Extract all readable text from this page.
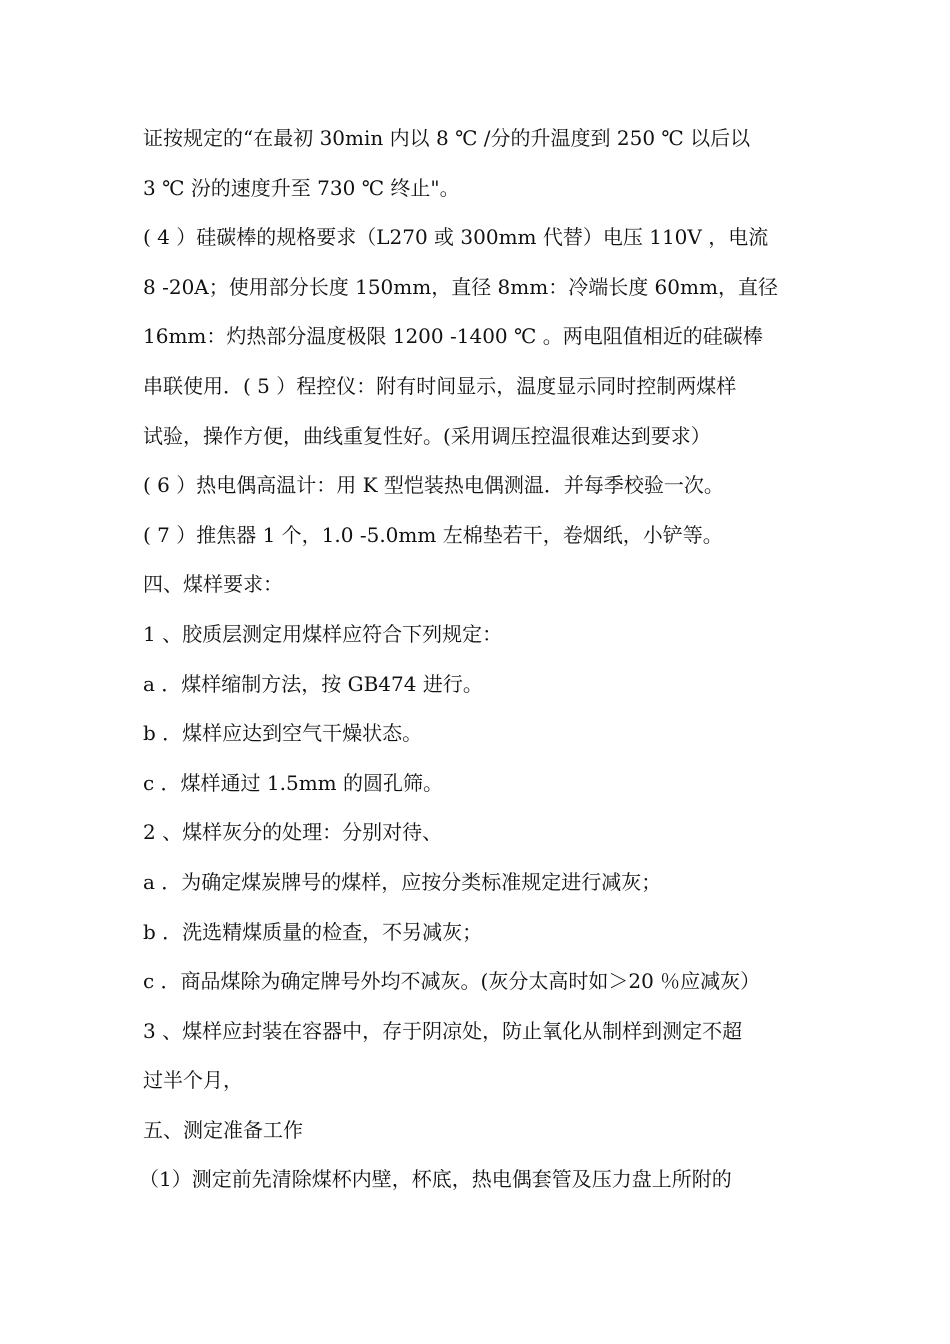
证按规定的“在最初 30min 内以 8 ℃ /分的升温度到 250 ℃ 以后以
3 ℃ 汾的速度升至 730 ℃ 终止"。
( 4 ）硅碳棒的规格要求（L270 或 300mm 代替）电压 110V ，电流
8 -20A；使用部分长度 150mm，直径 8mm：冷端长度 60mm，直径
16mm：灼热部分温度极限 1200 -1400 ℃ 。两电阻值相近的硅碳棒
串联使用．( 5 ）程控仪：附有时间显示，温度显示同时控制两煤样
试验，操作方便，曲线重复性好。(采用调压控温很难达到要求）
( 6 ）热电偶高温计：用 K 型恺装热电偶测温．并每季校验一次。
( 7 ）推焦器 1 个，1.0 -5.0mm 左棉垫若干，卷烟纸，小铲等。
四、煤样要求：
1 、胶质层测定用煤样应符合下列规定：
a ．煤样缩制方法，按 GB474 进行。
b ．煤样应达到空气干燥状态。
c ．煤样通过 1.5mm 的圆孔筛。
2 、煤样灰分的处理：分别对待、
a ．为确定煤炭牌号的煤样，应按分类标准规定进行减灰；
b ．洗选精煤质量的检查，不另减灰；
c ．商品煤除为确定牌号外均不减灰。(灰分太高时如＞20 ％应减灰）
3 、煤样应封装在容器中，存于阴凉处，防止氧化从制样到测定不超
过半个月，
五、测定准备工作
（1）测定前先清除煤杯内壁，杯底，热电偶套管及压力盘上所附的
